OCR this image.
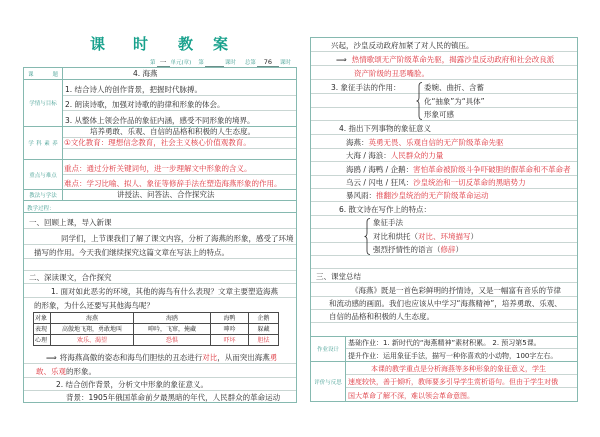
课 时 教 案
第 一 单元(章) 第	课时 总第	76	课时
课题	4. 海燕
学情与目标
1. 结合诗人的创作背景，把握时代脉搏。
2. 朗读诗歌，加强对诗歌的韵律和形象的体会。
3. 从整体上领会作品的象征内涵，感受不同形象的境界。
学科素养
培养勇敢、乐观、自信的品格和积极的人生态度。
①文化教育：理想信念教育，社会主义核心价值观教育。
重点与难点
重点：通过分析关键词句，进一步理解文中形象的含义。
难点：学习比喻、拟人、象征等修辞手法在塑造海燕形象的作用。
教法与学法	讲授法、问答法、合作探究法
教学过程：
一、回顾上课，导入新课
同学们，上节课我们了解了课文内容，分析了海燕的形象，感受了环境
描写的作用。今天我们继续探究这篇文章在写法上的特点。
二、深读课文，合作探究
1. 面对如此恶劣的环境，其他的海鸟有什么表现？文章主要塑造海燕
的形象，为什么还要写其他海鸟呢？
对象	海燕	海鸥	海鸭	企鹅
表现	高傲地飞翔，勇敢地叫	呻吟，飞窜，掩藏	呻吟	躲藏
心理	欢乐、渴望	恐惧	吓坏	胆怯
⟹ 将海燕高傲的姿态和海鸟们胆怯的丑态进行 对比 ，从而突出海燕 勇
敢、乐观 的形象。
2. 结合创作背景，分析文中形象的象征意义。
背景：1905年俄国革命前夕最黑暗的年代，人民群众的革命运动
兴起，沙皇反动政府加紧了对人民的镇压。
⟹ 热情歌颂无产阶级革命先驱，揭露沙皇反动政府和社会改良派
资产阶级的丑恶嘴脸。
3. 象征手法的作用：	委婉、曲折、含蓄
化“抽象”为“具体”
形象可感
4. 指出下列事物的象征意义
海燕： 英勇无畏、乐观自信的无产阶级革命先驱
大海 / 海浪： 人民群众的力量
海鸥 / 海鸭 / 企鹅： 害怕革命被阶级斗争吓破胆的假革命和不革命者
乌云 / 闪电 / 狂风： 沙皇统治和一切反革命的黑暗势力
暴风雨： 推翻沙皇统治的无产阶级革命运动
6. 散文诗在写作上的特点：
象征手法
对比和烘托（ 对比、环境描写 ）
强烈抒情性的语言（ 修辞 ）
三、课堂总结
《海燕》既是一首色彩鲜明的抒情诗，又是一幅富有音乐的节律
和流动感的画面。我们也应该从中学习“海燕精神”，培养勇敢、乐观、
自信的品格和积极的人生态度。
作业设计
基础作业：1. 新时代的“海燕精神”素材积累。 2. 预习第5课。
提升作业：运用象征手法，描写一种你喜欢的小动物，100字左右。
评价与反思
本课的教学重点是分析海燕等多种形象的象征意义，学生
速度较快，善于倾听，教师要多引导学生赏析语句。但由于学生对俄
国大革命了解不深，难以领会革命意图。
